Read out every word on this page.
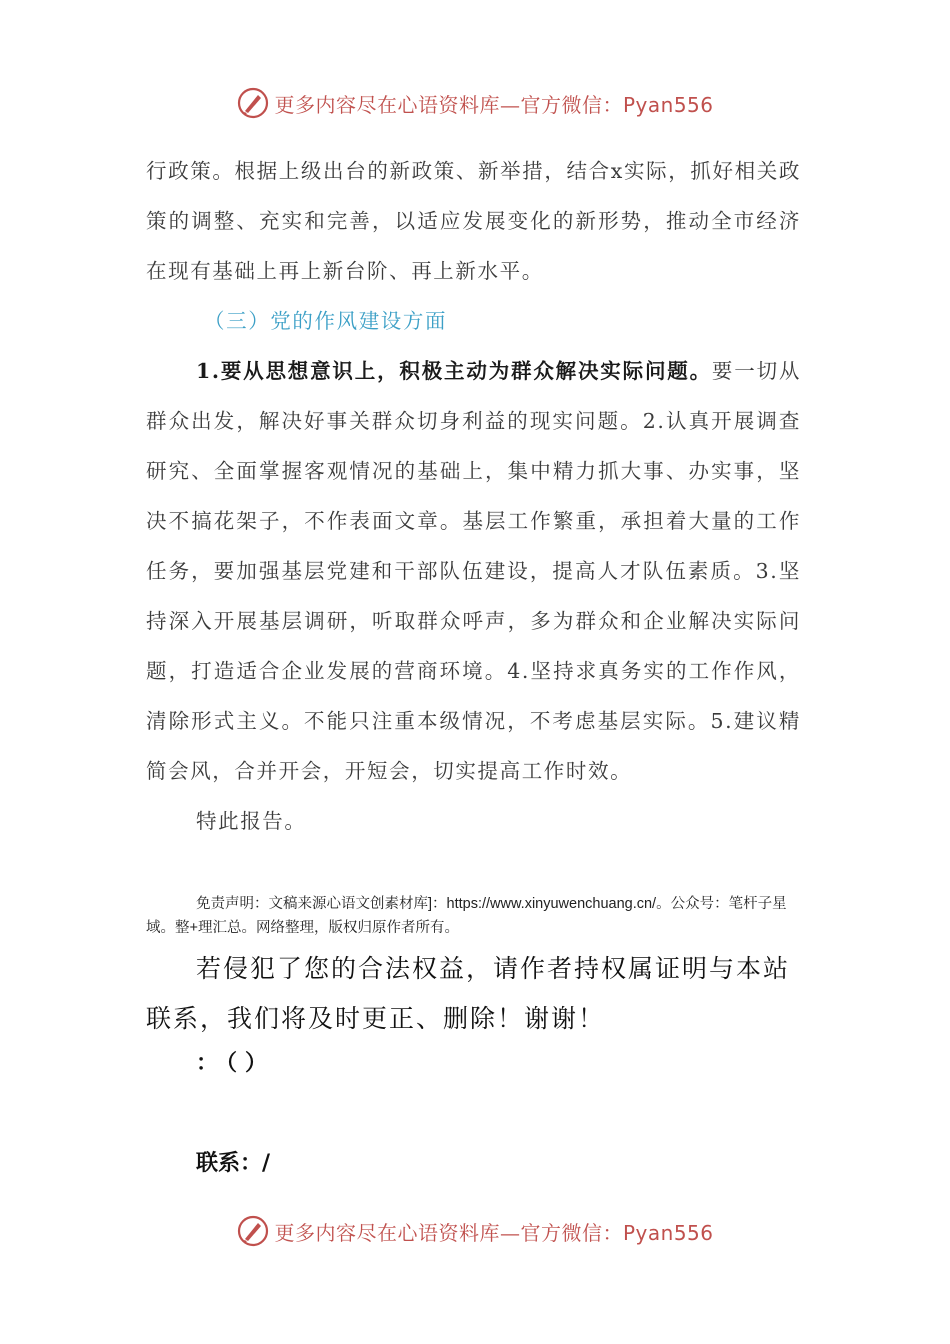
更多内容尽在心语资料库—官方微信：Pyan556

行政策。根据上级出台的新政策、新举措，结合x实际，抓好相关政策的调整、充实和完善，以适应发展变化的新形势，推动全市经济在现有基础上再上新台阶、再上新水平。

（三）党的作风建设方面

1.要从思想意识上，积极主动为群众解决实际问题。要一切从群众出发，解决好事关群众切身利益的现实问题。2.认真开展调查研究、全面掌握客观情况的基础上，集中精力抓大事、办实事，坚决不搞花架子，不作表面文章。基层工作繁重，承担着大量的工作任务，要加强基层党建和干部队伍建设，提高人才队伍素质。3.坚持深入开展基层调研，听取群众呼声，多为群众和企业解决实际问题，打造适合企业发展的营商环境。4.坚持求真务实的工作作风，清除形式主义。不能只注重本级情况，不考虑基层实际。5.建议精简会风，合并开会，开短会，切实提高工作时效。

特此报告。

免责声明：文稿来源心语文创素材库]：https://www.xinyuwenchuang.cn/。公众号：笔杆子星域。整+理汇总。网络整理，版权归原作者所有。

若侵犯了您的合法权益，请作者持权属证明与本站联系，我们将及时更正、删除！谢谢！

：（）
联系：/
更多内容尽在心语资料库—官方微信：Pyan556
